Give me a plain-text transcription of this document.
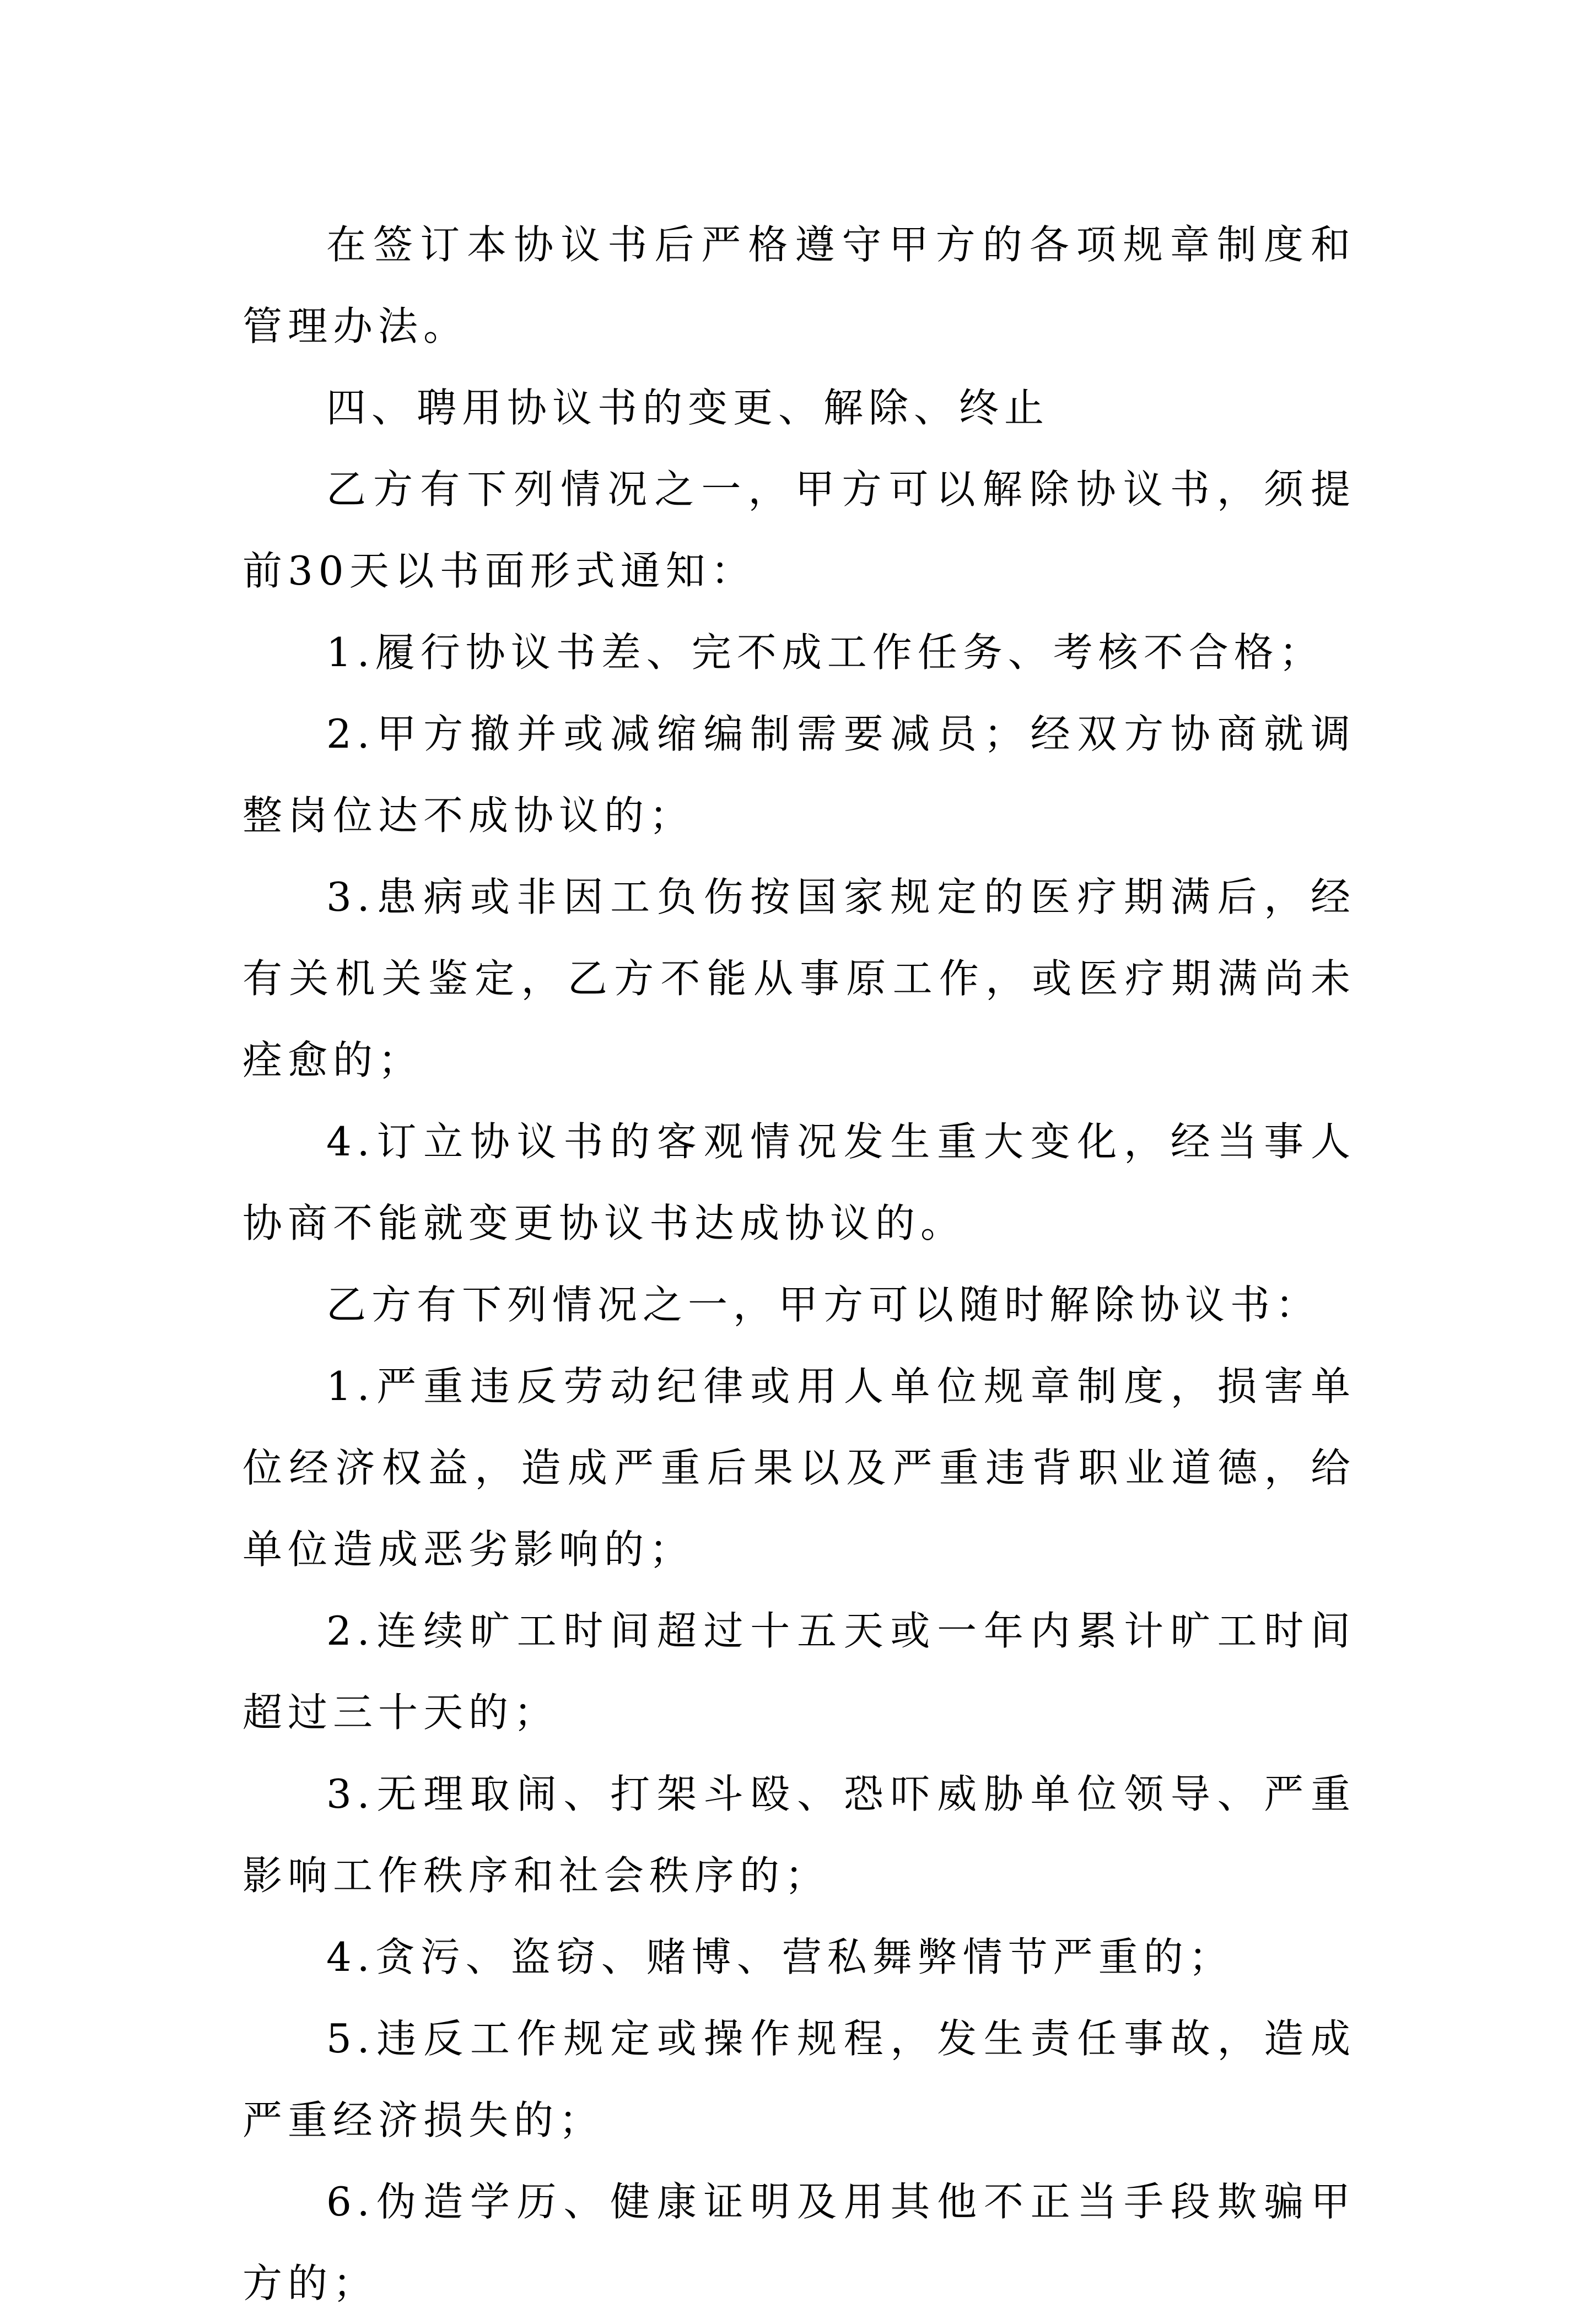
在签订本协议书后严格遵守甲方的各项规章制度和管理办法。

四、聘用协议书的变更、解除、终止

乙方有下列情况之一，甲方可以解除协议书，须提前30天以书面形式通知：

1.履行协议书差、完不成工作任务、考核不合格；

2.甲方撤并或减缩编制需要减员；经双方协商就调整岗位达不成协议的；

3.患病或非因工负伤按国家规定的医疗期满后，经有关机关鉴定，乙方不能从事原工作，或医疗期满尚未痊愈的；

4.订立协议书的客观情况发生重大变化，经当事人协商不能就变更协议书达成协议的。

乙方有下列情况之一，甲方可以随时解除协议书：

1.严重违反劳动纪律或用人单位规章制度，损害单位经济权益，造成严重后果以及严重违背职业道德，给单位造成恶劣影响的；

2.连续旷工时间超过十五天或一年内累计旷工时间超过三十天的；

3.无理取闹、打架斗殴、恐吓威胁单位领导、严重影响工作秩序和社会秩序的；

4.贪污、盗窃、赌博、营私舞弊情节严重的；

5.违反工作规定或操作规程，发生责任事故，造成严重经济损失的；

6.伪造学历、健康证明及用其他不正当手段欺骗甲方的；
